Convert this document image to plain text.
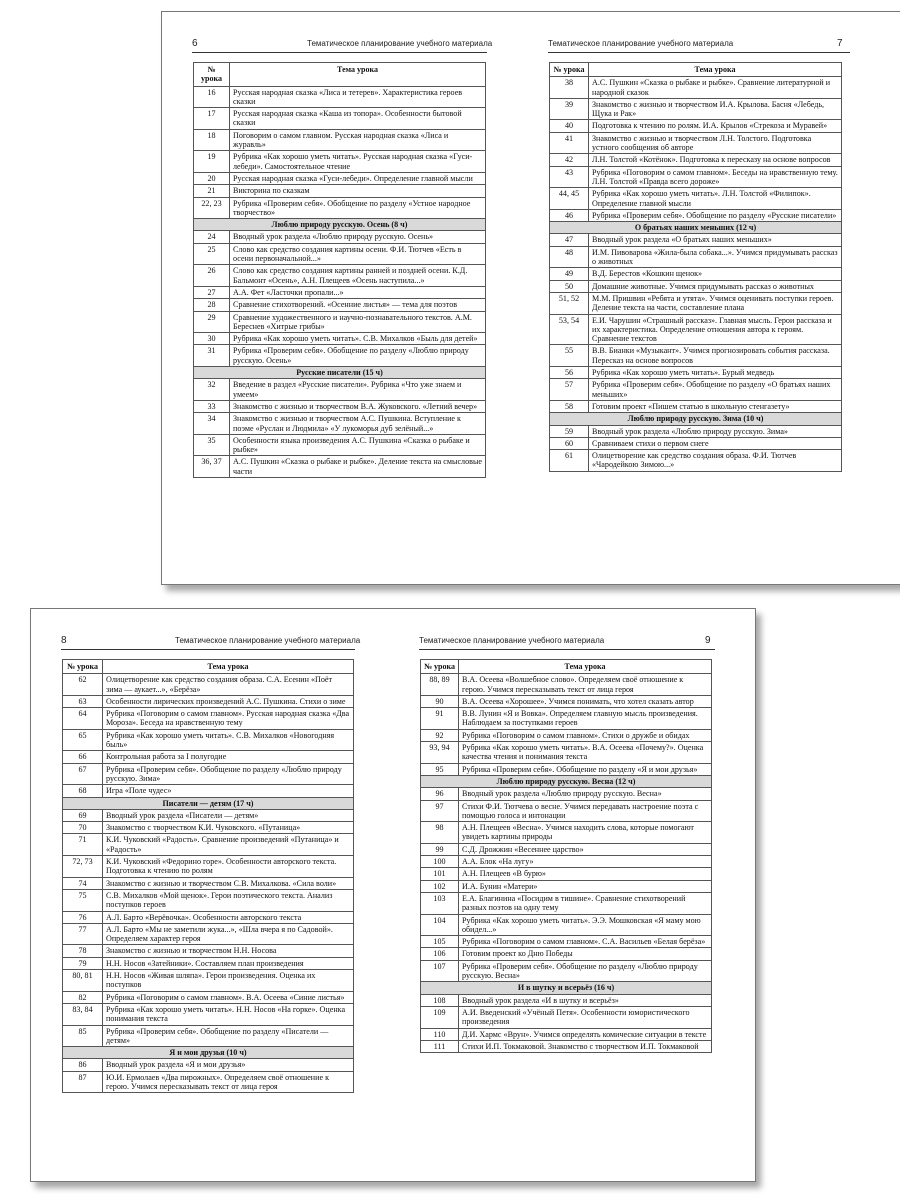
6	Тематическое планирование учебного материала
№ урока	Тема урока
16	Русская народная сказка «Лиса и тетерев». Характеристика героев сказки
17	Русская народная сказка «Каша из топора». Особенности бытовой сказки
18	Поговорим о самом главном. Русская народная сказка «Лиса и журавль»
19	Рубрика «Как хорошо уметь читать». Русская народная сказка «Гуси-лебеди». Самостоятельное чтение
20	Русская народная сказка «Гуси-лебеди». Определение главной мысли
21	Викторина по сказкам
22, 23	Рубрика «Проверим себя». Обобщение по разделу «Устное народное творчество»
Люблю природу русскую. Осень (8 ч)	
24	Вводный урок раздела «Люблю природу русскую. Осень»
25	Слово как средство создания картины осени. Ф.И. Тютчев «Есть в осени первоначальной...»
26	Слово как средство создания картины ранней и поздней осени. К.Д. Бальмонт «Осень», А.Н. Плещеев «Осень наступила...»
27	А.А. Фет «Ласточки пропали...»
28	Сравнение стихотворений. «Осенние листья» — тема для поэтов
29	Сравнение художественного и научно-познавательного текстов. А.М. Береснев «Хитрые грибы»
30	Рубрика «Как хорошо уметь читать». С.В. Михалков «Быль для детей»
31	Рубрика «Проверим себя». Обобщение по разделу «Люблю природу русскую. Осень»
Русские писатели (15 ч)	
32	Введение в раздел «Русские писатели». Рубрика «Что уже знаем и умеем»
33	Знакомство с жизнью и творчеством В.А. Жуковского. «Летний вечер»
34	Знакомство с жизнью и творчеством А.С. Пушкина. Вступление к поэме «Руслан и Людмила» «У лукоморья дуб зелёный...»
35	Особенности языка произведения А.С. Пушкина «Сказка о рыбаке и рыбке»
36, 37	А.С. Пушкин «Сказка о рыбаке и рыбке». Деление текста на смысловые части
Тематическое планирование учебного материала	7
№ урока	Тема урока
38	А.С. Пушкин «Сказка о рыбаке и рыбке». Сравнение литературной и народной сказок
39	Знакомство с жизнью и творчеством И.А. Крылова. Басня «Лебедь, Щука и Рак»
40	Подготовка к чтению по ролям. И.А. Крылов «Стрекоза и Муравей»
41	Знакомство с жизнью и творчеством Л.Н. Толстого. Подготовка устного сообщения об авторе
42	Л.Н. Толстой «Котёнок». Подготовка к пересказу на основе вопросов
43	Рубрика «Поговорим о самом главном». Беседы на нравственную тему. Л.Н. Толстой «Правда всего дороже»
44, 45	Рубрика «Как хорошо уметь читать». Л.Н. Толстой «Филипок». Определение главной мысли
46	Рубрика «Проверим себя». Обобщение по разделу «Русские писатели»
О братьях наших меньших (12 ч)	
47	Вводный урок раздела «О братьях наших меньших»
48	И.М. Пивоварова «Жила-была собака...». Учимся придумывать рассказ о животных
49	В.Д. Берестов «Кошкин щенок»
50	Домашние животные. Учимся придумывать рассказ о животных
51, 52	М.М. Пришвин «Ребята и утята». Учимся оценивать поступки героев. Деление текста на части, составление плана
53, 54	Е.И. Чарушин «Страшный рассказ». Главная мысль. Герои рассказа и их характеристика. Определение отношения автора к героям. Сравнение текстов
55	В.В. Бианки «Музыкант». Учимся прогнозировать события рассказа. Пересказ на основе вопросов
56	Рубрика «Как хорошо уметь читать». Бурый медведь
57	Рубрика «Проверим себя». Обобщение по разделу «О братьях наших меньших»
58	Готовим проект «Пишем статью в школьную стенгазету»
Люблю природу русскую. Зима (10 ч)	
59	Вводный урок раздела «Люблю природу русскую. Зима»
60	Сравниваем стихи о первом снеге
61	Олицетворение как средство создания образа. Ф.И. Тютчев «Чародейкою Зимою...»
8	Тематическое планирование учебного материала
№ урока	Тема урока
62	Олицетворение как средство создания образа. С.А. Есенин «Поёт зима — аукает...», «Берёза»
63	Особенности лирических произведений А.С. Пушкина. Стихи о зиме
64	Рубрика «Поговорим о самом главном». Русская народная сказка «Два Мороза». Беседа на нравственную тему
65	Рубрика «Как хорошо уметь читать». С.В. Михалков «Новогодняя быль»
66	Контрольная работа за I полугодие
67	Рубрика «Проверим себя». Обобщение по разделу «Люблю природу русскую. Зима»
68	Игра «Поле чудес»
Писатели — детям (17 ч)	
69	Вводный урок раздела «Писатели — детям»
70	Знакомство с творчеством К.И. Чуковского. «Путаница»
71	К.И. Чуковский «Радость». Сравнение произведений «Путаница» и «Радость»
72, 73	К.И. Чуковский «Федорино горе». Особенности авторского текста. Подготовка к чтению по ролям
74	Знакомство с жизнью и творчеством С.В. Михалкова. «Сила воли»
75	С.В. Михалков «Мой щенок». Герои поэтического текста. Анализ поступков героев
76	А.Л. Барто «Верёвочка». Особенности авторского текста
77	А.Л. Барто «Мы не заметили жука...», «Шла вчера я по Садовой». Определяем характер героя
78	Знакомство с жизнью и творчеством Н.Н. Носова
79	Н.Н. Носов «Затейники». Составляем план произведения
80, 81	Н.Н. Носов «Живая шляпа». Герои произведения. Оценка их поступков
82	Рубрика «Поговорим о самом главном». В.А. Осеева «Синие листья»
83, 84	Рубрика «Как хорошо уметь читать». Н.Н. Носов «На горке». Оценка понимания текста
85	Рубрика «Проверим себя». Обобщение по разделу «Писатели — детям»
Я и мои друзья (10 ч)	
86	Вводный урок раздела «Я и мои друзья»
87	Ю.И. Ермолаев «Два пирожных». Определяем своё отношение к герою. Учимся пересказывать текст от лица героя
Тематическое планирование учебного материала	9
№ урока	Тема урока
88, 89	В.А. Осеева «Волшебное слово». Определяем своё отношение к герою. Учимся пересказывать текст от лица героя
90	В.А. Осеева «Хорошее». Учимся понимать, что хотел сказать автор
91	В.В. Лунин «Я и Вовка». Определяем главную мысль произведения. Наблюдаем за поступками героев
92	Рубрика «Поговорим о самом главном». Стихи о дружбе и обидах
93, 94	Рубрика «Как хорошо уметь читать». В.А. Осеева «Почему?». Оценка качества чтения и понимания текста
95	Рубрика «Проверим себя». Обобщение по разделу «Я и мои друзья»
Люблю природу русскую. Весна (12 ч)	
96	Вводный урок раздела «Люблю природу русскую. Весна»
97	Стихи Ф.И. Тютчева о весне. Учимся передавать настроение поэта с помощью голоса и интонации
98	А.Н. Плещеев «Весна». Учимся находить слова, которые помогают увидеть картины природы
99	С.Д. Дрожжин «Весеннее царство»
100	А.А. Блок «На лугу»
101	А.Н. Плещеев «В бурю»
102	И.А. Бунин «Матери»
103	Е.А. Благинина «Посидим в тишине». Сравнение стихотворений разных поэтов на одну тему
104	Рубрика «Как хорошо уметь читать». Э.Э. Мошковская «Я маму мою обидел...»
105	Рубрика «Поговорим о самом главном». С.А. Васильев «Белая берёза»
106	Готовим проект ко Дню Победы
107	Рубрика «Проверим себя». Обобщение по разделу «Люблю природу русскую. Весна»
И в шутку и всерьёз (16 ч)	
108	Вводный урок раздела «И в шутку и всерьёз»
109	А.И. Введенский «Учёный Петя». Особенности юмористического произведения
110	Д.И. Хармс «Врун». Учимся определять комические ситуации в тексте
111	Стихи И.П. Токмаковой. Знакомство с творчеством И.П. Токмаковой
